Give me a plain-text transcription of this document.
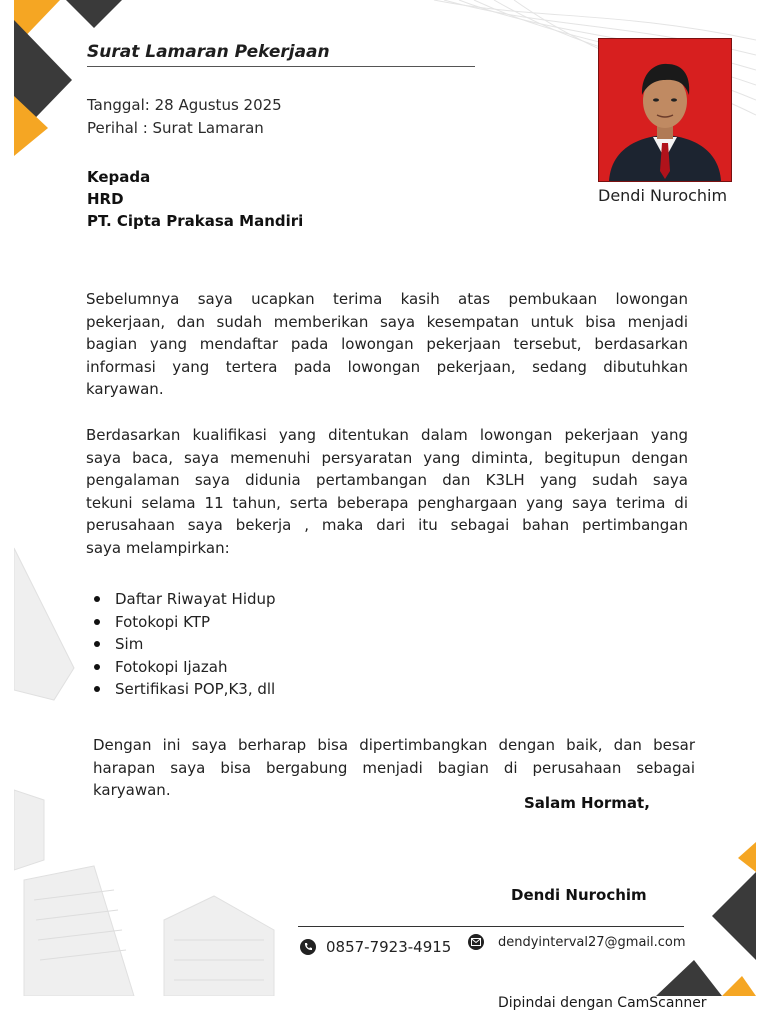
Surat Lamaran Pekerjaan
Tanggal: 28 Agustus 2025
Perihal : Surat Lamaran
Kepada
HRD
PT. Cipta Prakasa Mandiri
Dendi Nurochim
Sebelumnya saya ucapkan terima kasih atas pembukaan lowongan
pekerjaan, dan sudah memberikan saya kesempatan untuk bisa menjadi
bagian yang mendaftar pada lowongan pekerjaan tersebut, berdasarkan
informasi yang tertera pada lowongan pekerjaan, sedang dibutuhkan
karyawan.
Berdasarkan kualifikasi yang ditentukan dalam lowongan pekerjaan yang
saya baca, saya memenuhi persyaratan yang diminta, begitupun dengan
pengalaman saya didunia pertambangan dan K3LH yang sudah saya
tekuni selama 11 tahun, serta beberapa penghargaan yang saya terima di
perusahaan saya bekerja , maka dari itu sebagai bahan pertimbangan
saya melampirkan:
Daftar Riwayat Hidup
Fotokopi KTP
Sim
Fotokopi Ijazah
Sertifikasi POP,K3, dll
Dengan ini saya berharap bisa dipertimbangkan dengan baik, dan besar
harapan saya bisa bergabung menjadi bagian di perusahaan sebagai
karyawan.
Salam Hormat,
Dendi Nurochim
0857-7923-4915	dendyinterval27@gmail.com
Dipindai dengan CamScanner
